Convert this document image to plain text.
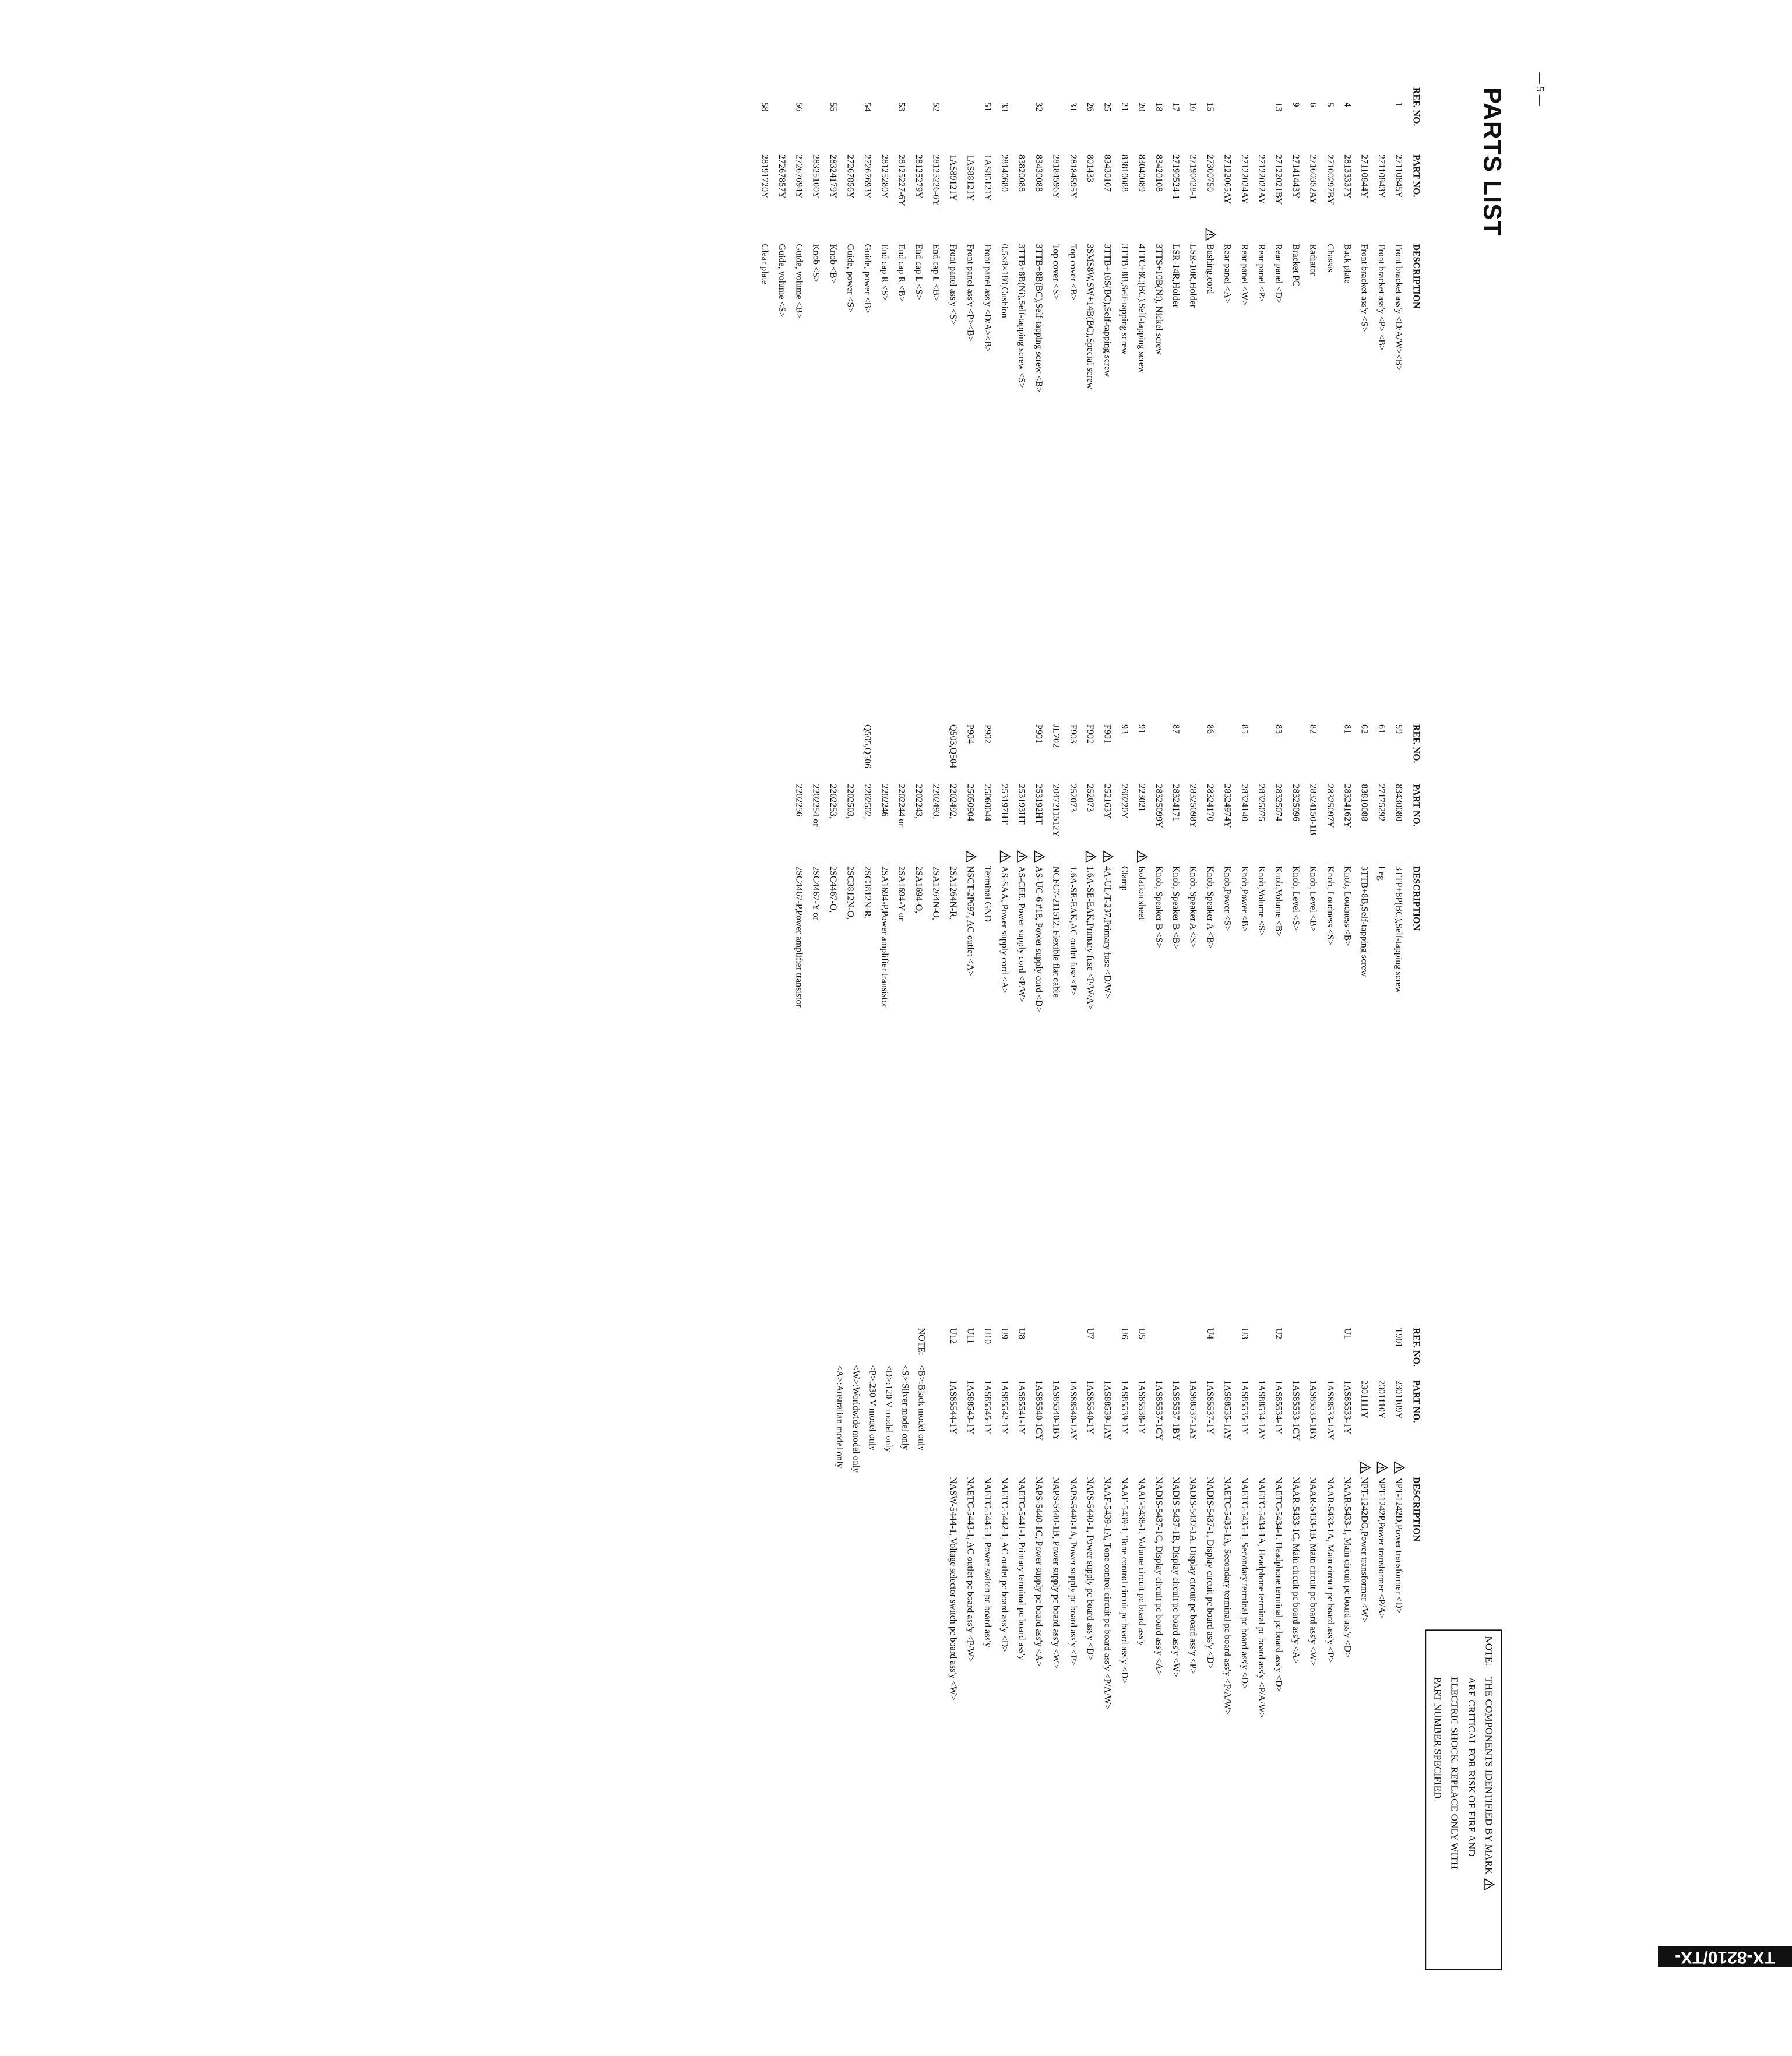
PARTS LIST
REF. NO.
PART NO.
DESCRIPTION
1
27110845Y
Front bracket ass'y <D/A/W><B>
27110843Y
Front bracket ass'y <P> <B>
27110844Y
Front bracket ass'y <S>
4
28133337Y
Back plate
5
27100297BY
Chassis
6
27160352AY
Radiator
9
27141443Y
Bracket PC
13
27122021BY
Rear panel <D>
27122022AY
Rear panel <P>
27122024AY
Rear panel <W>
27122065AY
Rear panel <A>
15
27300750
Bushing,cord
16
27190428-1
LSR-10R,Holder
17
27190524-1
LSR-14R,Holder
18
83420108
3TTS+10B(Ni), Nickel screw
20
83040089
4TTC+8C(BC),Self-tapping screw
21
83810088
3TTB+8B,Self-tapping screw
25
83430107
3TTB+10S(BC),Self-tapping screw
26
801433
3SMS8W,SW+14B(BC),Special screw
31
28184595Y
Top cover <B>
28184596Y
Top cover <S>
32
83430088
3TTB+8B(BC),Self-tapping screw <B>
83820088
3TTB+8B(Ni),Self-tapping screw <S>
33
28140680
0.5×8×180,Cushion
51
1AS85121Y
Front panel ass'y <D/A><B>
1AS88121Y
Front panel ass'y <P><B>
1AS89121Y
Front panel ass'y <S>
52
28125226-6Y
End cap L <B>
28125279Y
End cap L <S>
53
28125227-6Y
End cap R <B>
28125280Y
End cap R <S>
54
27267693Y
Guide, power <B>
27267856Y
Guide, power <S>
55
28324179Y
Knob <B>
28325100Y
Knob <S>
56
27267694Y
Guide, volume <B>
27267857Y
Guide, volume <S>
58
28191720Y
Clear plate
REF. NO.
PART NO.
DESCRIPTION
59
83430080
3TTP+8P(BC),Self-tapping screw
61
27175292
Leg
62
83810088
3TTB+8B,Self-tapping screw
81
28324162Y
Knob, Loudness <B>
28325097Y
Knob, Loudness <S>
82
28324150-1B
Knob, Level <B>
28325096
Knob, Level <S>
83
28325074
Knob,Volume <B>
28325075
Knob,Volume <S>
85
28324140
Knob,Power <B>
28324974Y
Knob,Power <S>
86
28324170
Knob, Speaker A <B>
28325098Y
Knob, Speaker A <S>
87
28324171
Knob, Speaker B <B>
28325099Y
Knob, Speaker B <S>
91
223021
Isolation sheet
93
260220Y
Clamp
F901
252163Y
4A-UL/T-237,Primary fuse <D/W>
F902
252073
1.6A-SE-EAK,Primary fuse <P/W/A>
F903
252073
1.6A-SE-EAK,AC outlet fuse <P>
JL702
2047211512Y
NCFC7-211512, Flexible flat cable
P901
253192HT
AS-UC-6 #18, Power supply cord <D>
253193HT
AS-CEE, Power supply cord <P/W>
253197HT
AS-SAA, Power supply cord <A>
P902
25060044
Terminal GND
P904
25050904
NSCT-2P697, AC outlet <A>
Q503,Q504
2202492,
2SA1264N-R,
2202493,
2SA1264N-O,
2202243,
2SA1694-O,
2202244 or
2SA1694-Y or
2202246
2SA1694-P,Power amplifier transistor
Q505,Q506
2202502,
2SC3812N-R,
2202503,
2SC3812N-O,
2202253,
2SC4467-O,
2202254 or
2SC4467-Y or
2202256
2SC4467-P,Power amplifier transistor
REF. NO.
PART NO.
DESCRIPTION
T901
2301109Y
NPT-1242D,Power transformer <D>
2301110Y
NPT-1242P,Power transformer <P/A>
2301111Y
NPT-1242DG,Power transformer <W>
U1
1AS85533-1Y
NAAR-5433-1, Main circuit pc board ass'y <D>
1AS88533-1AY
NAAR-5433-1A, Main circuit pc board ass'y <P>
1AS85533-1BY
NAAR-5433-1B, Main circuit pc board ass'y <W>
1AS85533-1CY
NAAR-5433-1C, Main circuit pc board ass'y <A>
U2
1AS85534-1Y
NAETC-5434-1, Headphone terminal pc board ass'y <D>
1AS88534-1AY
NAETC-5434-1A, Headphone terminal pc board ass'y <P/A/W>
U3
1AS85535-1Y
NAETC-5435-1, Secondary terminal pc board ass'y <D>
1AS88535-1AY
NAETC-5435-1A, Secondary terminal pc board ass'y <P/A/W>
U4
1AS85537-1Y
NADIS-5437-1, Display circuit pc board ass'y <D>
1AS88537-1AY
NADIS-5437-1A, Display circuit pc board ass'y <P>
1AS85537-1BY
NADIS-5437-1B, Display circuit pc board ass'y <W>
1AS85537-1CY
NADIS-5437-1C, Display circuit pc board ass'y <A>
U5
1AS85538-1Y
NAAF-5438-1, Volume circuit pc board ass'y
U6
1AS85539-1Y
NAAF-5439-1, Tone control circuit pc board ass'y <D>
1AS88539-1AY
NAAF-5439-1A, Tone control circuit pc board ass'y <P/A/W>
U7
1AS85540-1Y
NAPS-5440-1, Power supply pc board ass'y <D>
1AS88540-1AY
NAPS-5440-1A, Power supply pc board ass'y <P>
1AS85540-1BY
NAPS-5440-1B, Power supply pc board ass'y <W>
1AS85540-1CY
NAPS-5440-1C, Power supply pc board ass'y <A>
U8
1AS85541-1Y
NAETC-5441-1, Primary terminal pc board ass'y
U9
1AS85542-1Y
NAETC-5442-1, AC outlet pc board ass'y <D>
U10
1AS85545-1Y
NAETC-5445-1, Power switch pc board ass'y
U11
1AS88543-1Y
NAETC-5443-1, AC outlet pc board ass'y <P/W>
U12
1AS85544-1Y
NASW-5444-1, Voltage selector switch pc board ass'y <W>
NOTE:
<B>:Black model only
<S>:Silver model only
<D>:120 V model only
<P>:230 V model only
<W>:Worldwide model only
<A>:Australian model only
NOTE:
THE COMPONENTS IDENTIFIED BY MARK
ARE CRITICAL FOR RISK OF FIRE AND
ELECTRIC SHOCK. REPLACE ONLY WITH
PART NUMBER SPECIFIED.
— 5 —
TX-8210/TX-8210R
